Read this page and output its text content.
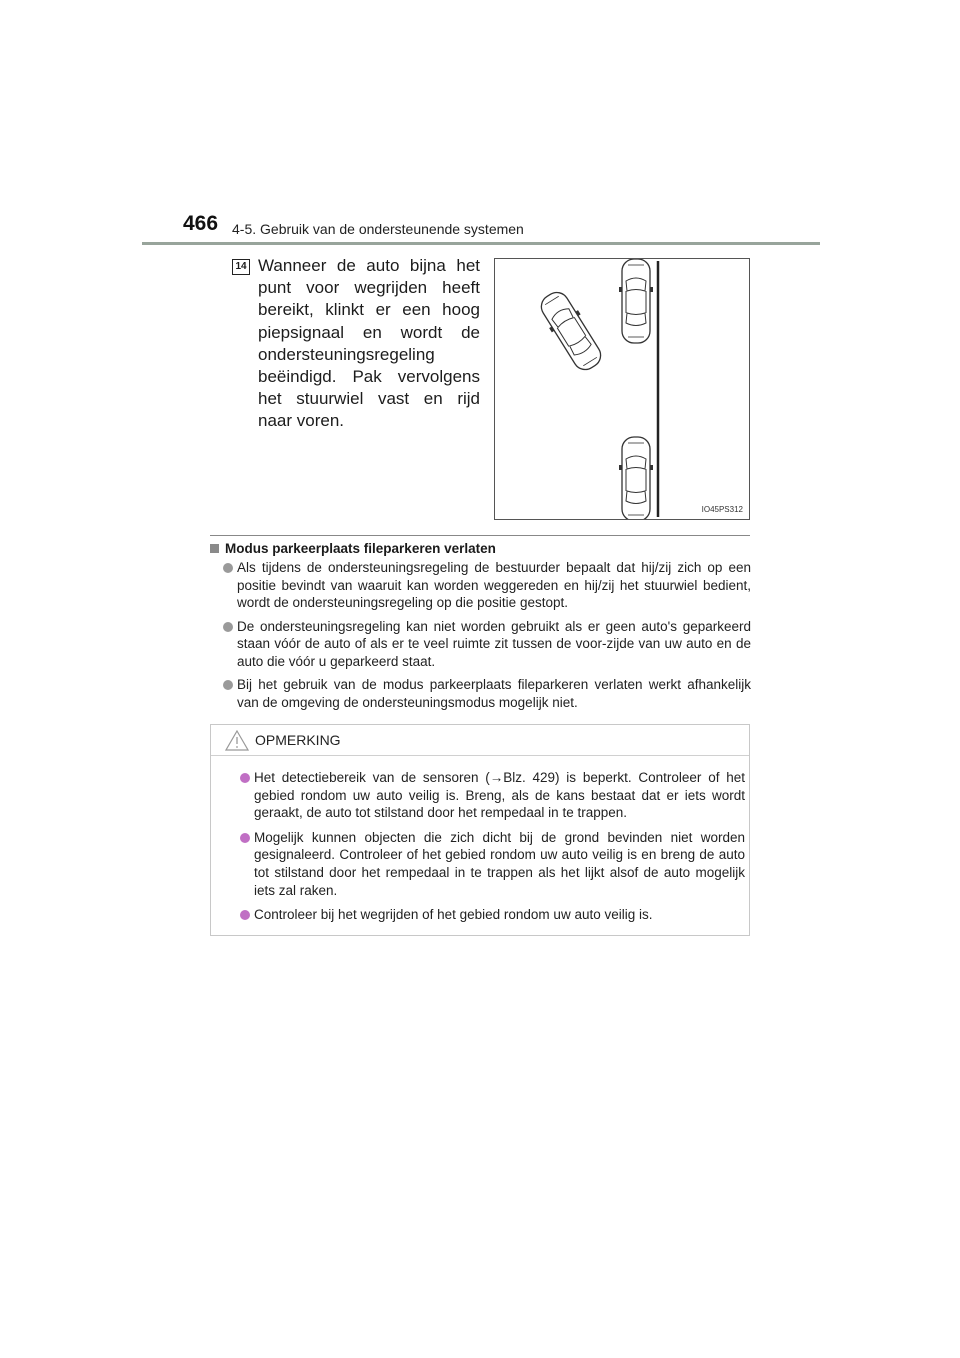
466 4-5. Gebruik van de ondersteunende systemen
14 Wanneer de auto bijna het
punt voor wegrijden heeft
bereikt, klinkt er een hoog
piepsignaal en wordt de
ondersteuningsregeling
beëindigd. Pak vervolgens
het stuurwiel vast en rijd
naar voren.
IO45PS312
Modus parkeerplaats fileparkeren verlaten
Als tijdens de ondersteuningsregeling de bestuurder bepaalt dat hij/zij zich op een positie bevindt van waaruit kan worden weggereden en hij/zij het stuurwiel bedient, wordt de ondersteuningsregeling op die positie gestopt.
De ondersteuningsregeling kan niet worden gebruikt als er geen auto's geparkeerd staan vóór de auto of als er te veel ruimte zit tussen de voor-zijde van uw auto en de auto die vóór u geparkeerd staat.
Bij het gebruik van de modus parkeerplaats fileparkeren verlaten werkt afhankelijk van de omgeving de ondersteuningsmodus mogelijk niet.
OPMERKING
Het detectiebereik van de sensoren (→Blz. 429) is beperkt. Controleer of het gebied rondom uw auto veilig is. Breng, als de kans bestaat dat er iets wordt geraakt, de auto tot stilstand door het rempedaal in te trappen.
Mogelijk kunnen objecten die zich dicht bij de grond bevinden niet worden gesignaleerd. Controleer of het gebied rondom uw auto veilig is en breng de auto tot stilstand door het rempedaal in te trappen als het lijkt alsof de auto mogelijk iets zal raken.
Controleer bij het wegrijden of het gebied rondom uw auto veilig is.
